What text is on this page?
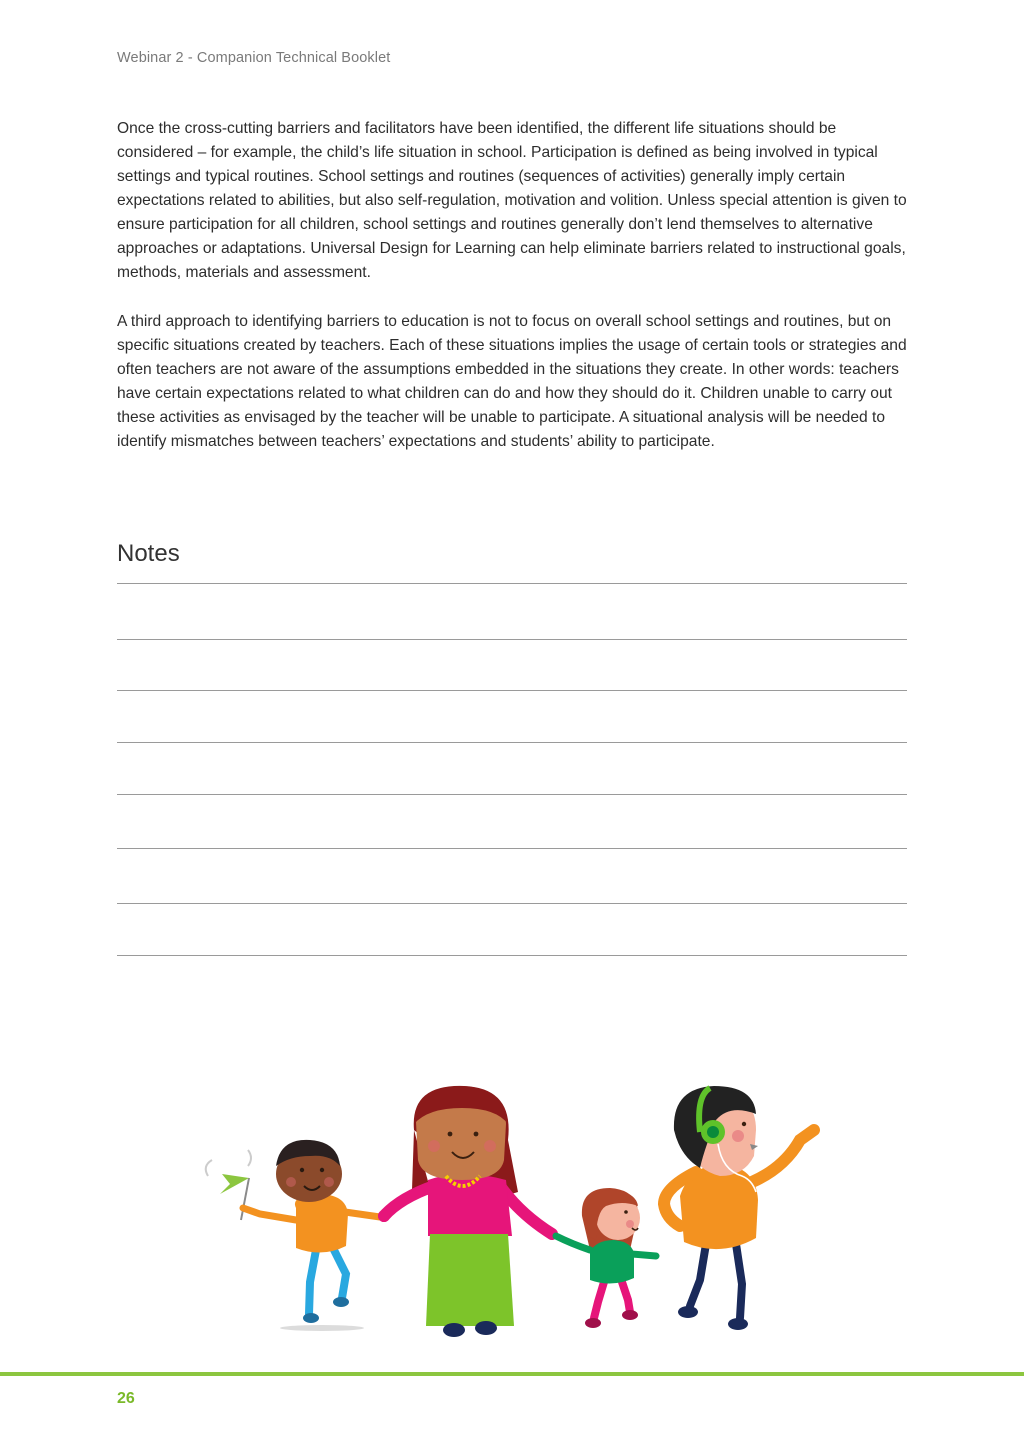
Webinar 2 - Companion Technical Booklet

Once the cross-cutting barriers and facilitators have been identified, the different life situations should be considered – for example, the child’s life situation in school. Participation is defined as being involved in typical settings and typical routines. School settings and routines (sequences of activities) generally imply certain expectations related to abilities, but also self-regulation, motivation and volition. Unless special attention is given to ensure participation for all children, school settings and routines generally don’t lend themselves to alternative approaches or adaptations. Universal Design for Learning can help eliminate barriers related to instructional goals, methods, materials and assessment.

A third approach to identifying barriers to education is not to focus on overall school settings and routines, but on specific situations created by teachers. Each of these situations implies the usage of certain tools or strategies and often teachers are not aware of the assumptions embedded in the situations they create. In other words: teachers have certain expectations related to what children can do and how they should do it. Children unable to carry out these activities as envisaged by the teacher will be unable to participate. A situational analysis will be needed to identify mismatches between teachers’ expectations and students’ ability to participate.

Notes
26
